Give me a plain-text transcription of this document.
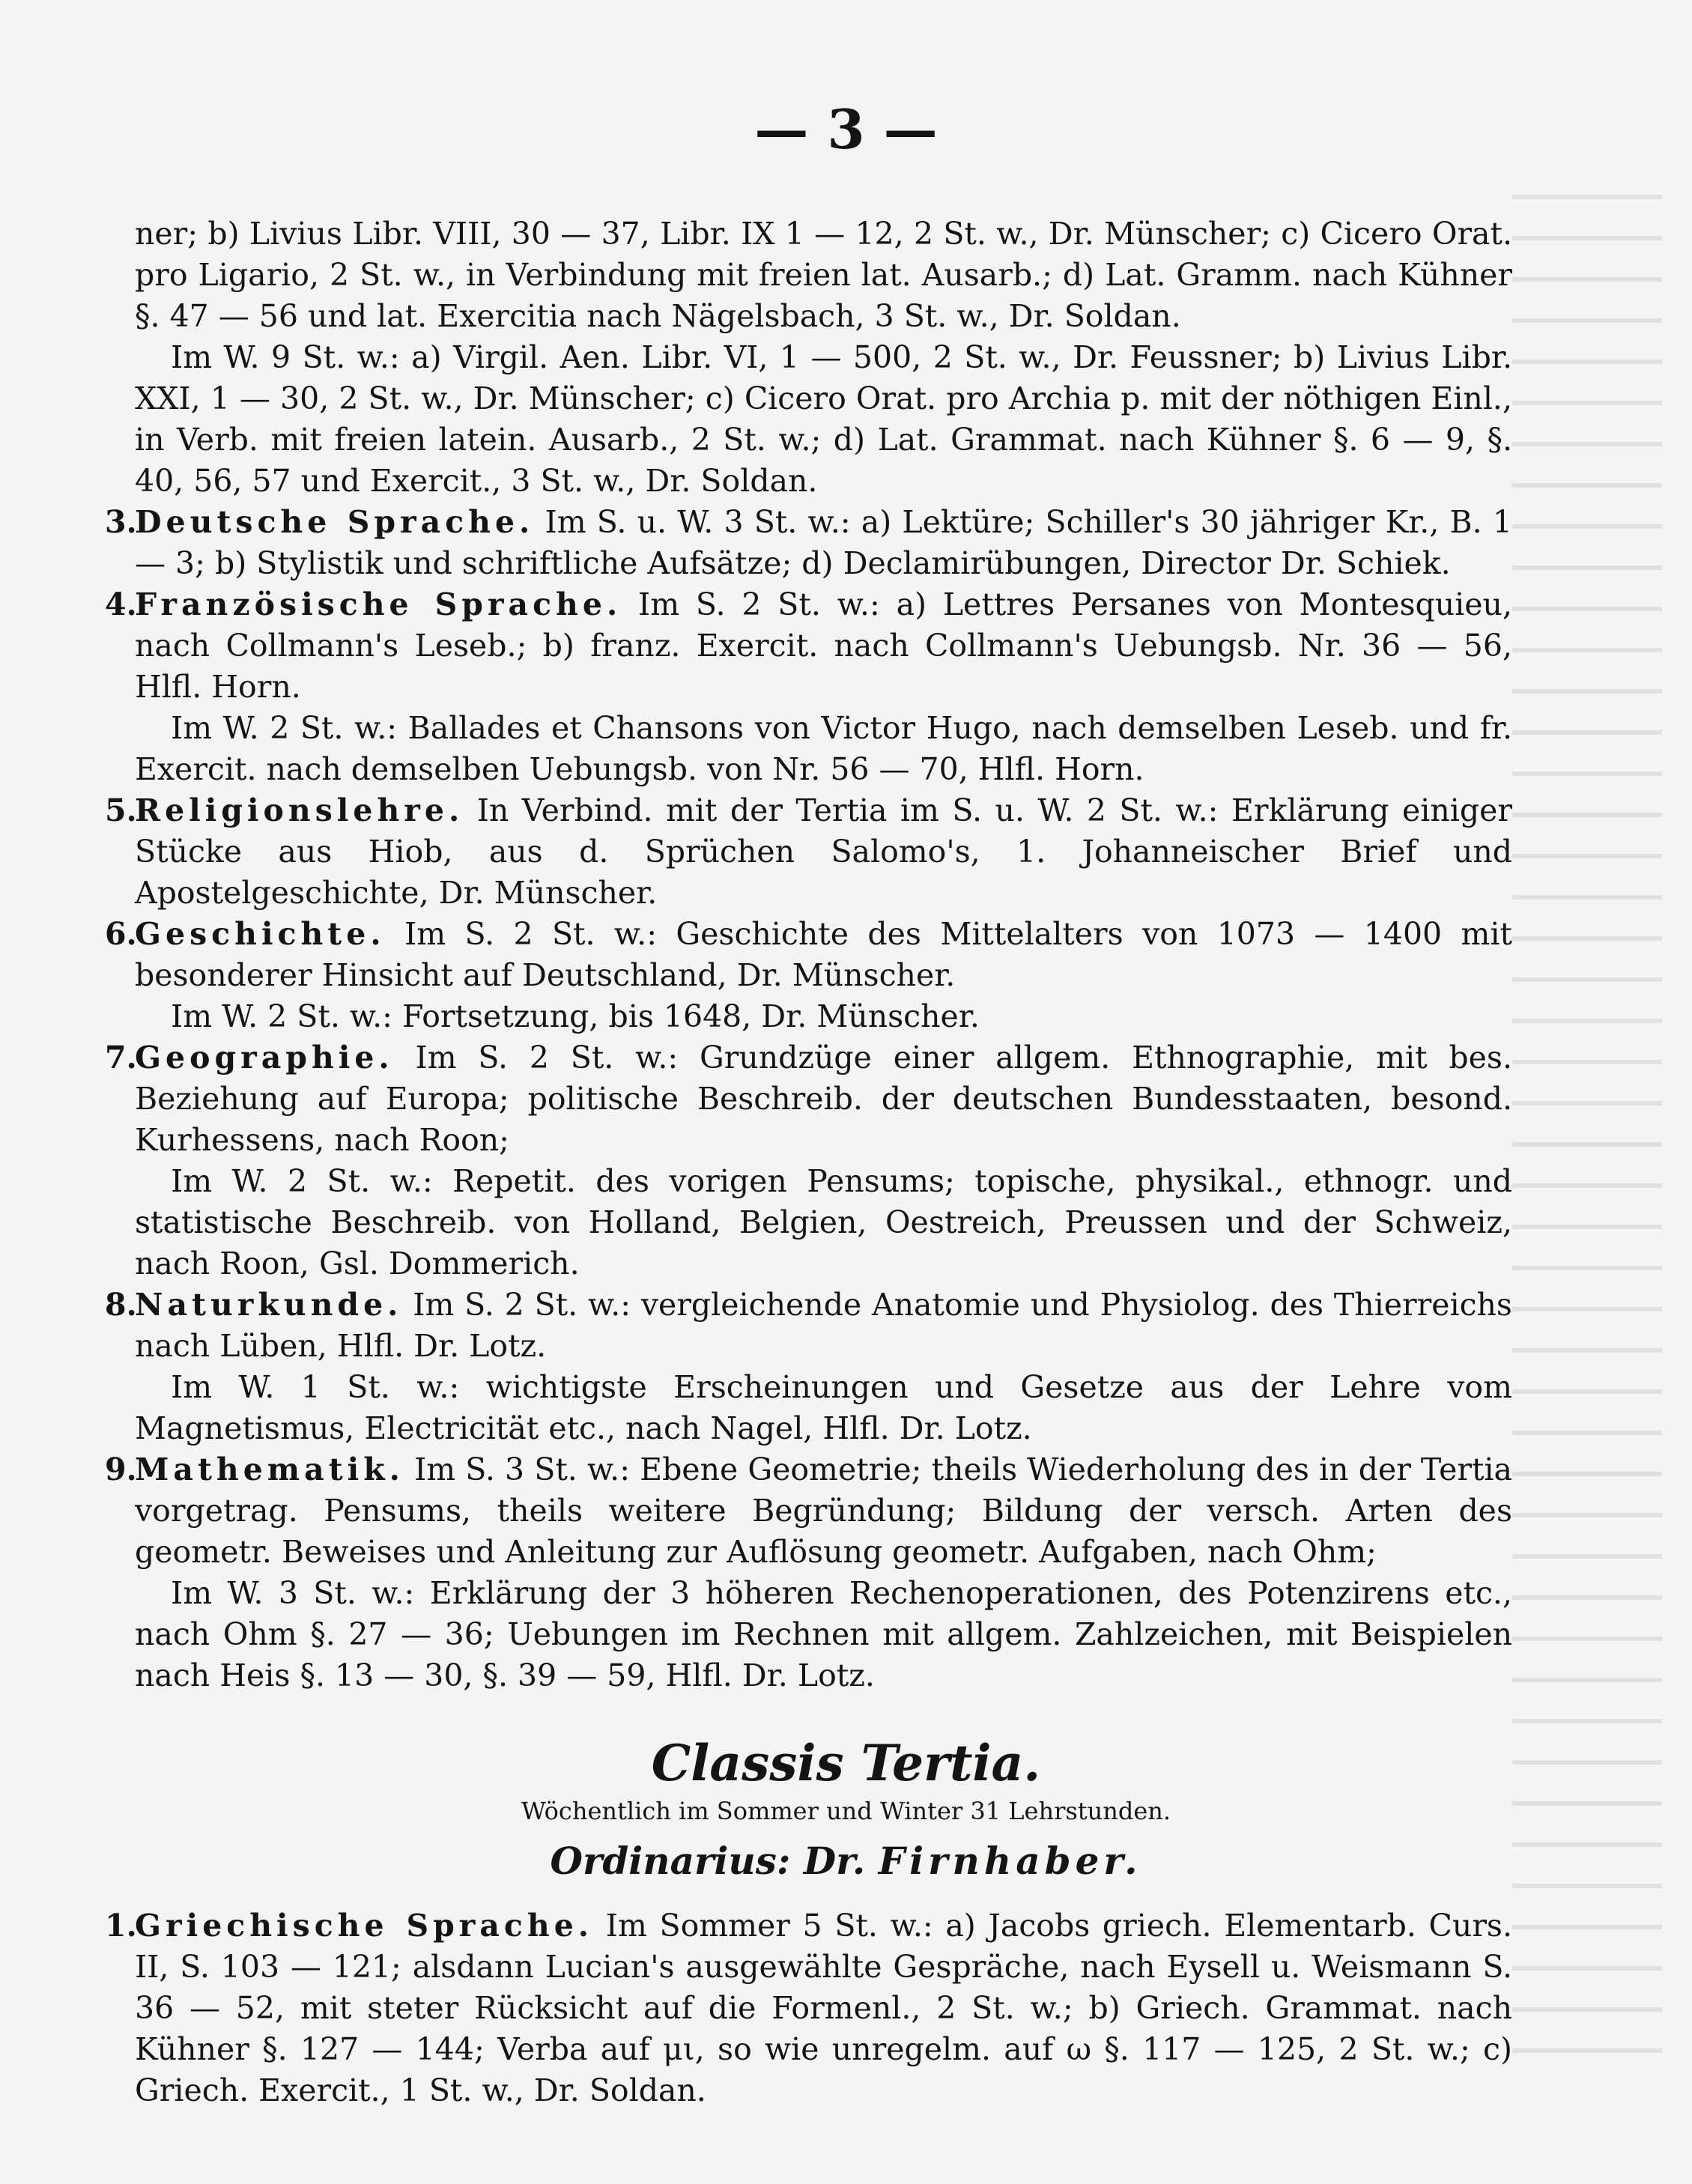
— 3 —

ner; b) Livius Libr. VIII, 30 — 37, Libr. IX 1 — 12, 2 St. w., Dr. Münscher; c) Cicero Orat. pro Ligario, 2 St. w., in Verbindung mit freien lat. Ausarb.; d) Lat. Gramm. nach Kühner §. 47 — 56 und lat. Exercitia nach Nägelsbach, 3 St. w., Dr. Soldan.

Im W. 9 St. w.: a) Virgil. Aen. Libr. VI, 1 — 500, 2 St. w., Dr. Feussner; b) Livius Libr. XXI, 1 — 30, 2 St. w., Dr. Münscher; c) Cicero Orat. pro Archia p. mit der nöthigen Einl., in Verb. mit freien latein. Ausarb., 2 St. w.; d) Lat. Grammat. nach Kühner §. 6 — 9, §. 40, 56, 57 und Exercit., 3 St. w., Dr. Soldan.

3.
Deutsche Sprache. Im S. u. W. 3 St. w.: a) Lektüre; Schiller's 30 jähriger Kr., B. 1 — 3; b) Stylistik und schriftliche Aufsätze; d) Declamirübungen, Director Dr. Schiek.
4.
Französische Sprache. Im S. 2 St. w.: a) Lettres Persanes von Montesquieu, nach Collmann's Leseb.; b) franz. Exercit. nach Collmann's Uebungsb. Nr. 36 — 56, Hlfl. Horn.

Im W. 2 St. w.: Ballades et Chansons von Victor Hugo, nach demselben Leseb. und fr. Exercit. nach demselben Uebungsb. von Nr. 56 — 70, Hlfl. Horn.

5.
Religionslehre. In Verbind. mit der Tertia im S. u. W. 2 St. w.: Erklärung einiger Stücke aus Hiob, aus d. Sprüchen Salomo's, 1. Johanneischer Brief und Apostelgeschichte, Dr. Münscher.
6.
Geschichte. Im S. 2 St. w.: Geschichte des Mittelalters von 1073 — 1400 mit besonderer Hinsicht auf Deutschland, Dr. Münscher.

Im W. 2 St. w.: Fortsetzung, bis 1648, Dr. Münscher.

7.
Geographie. Im S. 2 St. w.: Grundzüge einer allgem. Ethnographie, mit bes. Beziehung auf Europa; politische Beschreib. der deutschen Bundesstaaten, besond. Kurhessens, nach Roon;

Im W. 2 St. w.: Repetit. des vorigen Pensums; topische, physikal., ethnogr. und statistische Beschreib. von Holland, Belgien, Oestreich, Preussen und der Schweiz, nach Roon, Gsl. Dommerich.

8.
Naturkunde. Im S. 2 St. w.: vergleichende Anatomie und Physiolog. des Thierreichs nach Lüben, Hlfl. Dr. Lotz.

Im W. 1 St. w.: wichtigste Erscheinungen und Gesetze aus der Lehre vom Magnetismus, Electricität etc., nach Nagel, Hlfl. Dr. Lotz.

9.
Mathematik. Im S. 3 St. w.: Ebene Geometrie; theils Wiederholung des in der Tertia vorgetrag. Pensums, theils weitere Begründung; Bildung der versch. Arten des geometr. Beweises und Anleitung zur Auflösung geometr. Aufgaben, nach Ohm;

Im W. 3 St. w.: Erklärung der 3 höheren Rechenoperationen, des Potenzirens etc., nach Ohm §. 27 — 36; Uebungen im Rechnen mit allgem. Zahlzeichen, mit Beispielen nach Heis §. 13 — 30, §. 39 — 59, Hlfl. Dr. Lotz.

Classis Tertia.
Wöchentlich im Sommer und Winter 31 Lehrstunden.
Ordinarius: Dr. Firnhaber.
1.
Griechische Sprache. Im Sommer 5 St. w.: a) Jacobs griech. Elementarb. Curs. II, S. 103 — 121; alsdann Lucian's ausgewählte Gespräche, nach Eysell u. Weismann S. 36 — 52, mit steter Rücksicht auf die Formenl., 2 St. w.; b) Griech. Grammat. nach Kühner §. 127 — 144; Verba auf μι, so wie unregelm. auf ω §. 117 — 125, 2 St. w.; c) Griech. Exercit., 1 St. w., Dr. Soldan.
